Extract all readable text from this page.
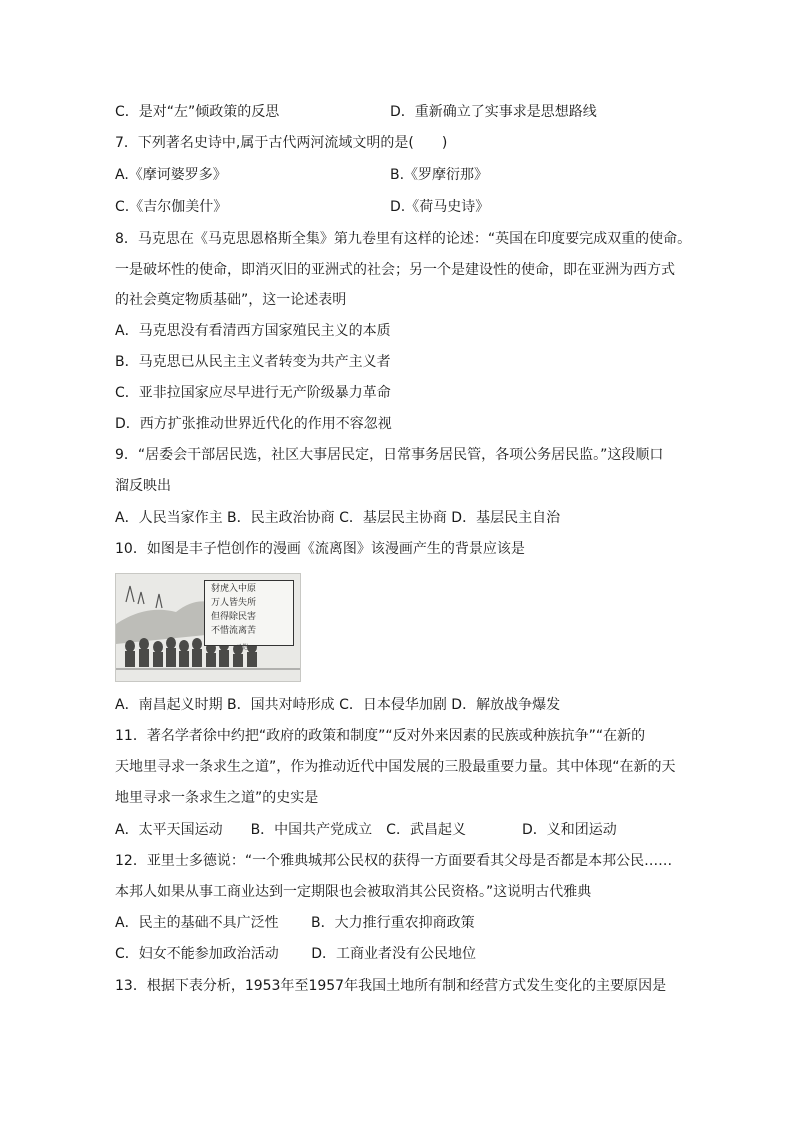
C．是对“左”倾政策的反思	D．重新确立了实事求是思想路线
7．下列著名史诗中,属于古代两河流域文明的是(　　)
A.《摩诃婆罗多》	B.《罗摩衍那》
C.《吉尔伽美什》	D.《荷马史诗》
8．马克思在《马克思恩格斯全集》第九卷里有这样的论述：“英国在印度要完成双重的使命。
一是破坏性的使命，即消灭旧的亚洲式的社会；另一个是建设性的使命，即在亚洲为西方式
的社会奠定物质基础”，这一论述表明
A．马克思没有看清西方国家殖民主义的本质
B．马克思已从民主主义者转变为共产主义者
C．亚非拉国家应尽早进行无产阶级暴力革命
D．西方扩张推动世界近代化的作用不容忽视
9．“居委会干部居民选，社区大事居民定，日常事务居民管，各项公务居民监。”这段顺口
溜反映出
A．人民当家作主 B．民主政治协商 C．基层民主协商 D．基层民主自治
10．如图是丰子恺创作的漫画《流离图》该漫画产生的背景应该是
豺虎入中原
万人皆失所
但得除民害
不惜流离苦
子恺
A．南昌起义时期 B．国共对峙形成 C．日本侵华加剧 D．解放战争爆发
11．著名学者徐中约把“政府的政策和制度”“反对外来因素的民族或种族抗争”“在新的
天地里寻求一条求生之道”，作为推动近代中国发展的三股最重要力量。其中体现“在新的天
地里寻求一条求生之道”的史实是
A．太平天国运动　　B．中国共产党成立　C．武昌起义　　　　D．义和团运动
12．亚里士多德说：“一个雅典城邦公民权的获得一方面要看其父母是否都是本邦公民……
本邦人如果从事工商业达到一定期限也会被取消其公民资格。”这说明古代雅典
A．民主的基础不具广泛性　　 B．大力推行重农抑商政策
C．妇女不能参加政治活动　　 D．工商业者没有公民地位
13．根据下表分析，1953年至1957年我国土地所有制和经营方式发生变化的主要原因是
